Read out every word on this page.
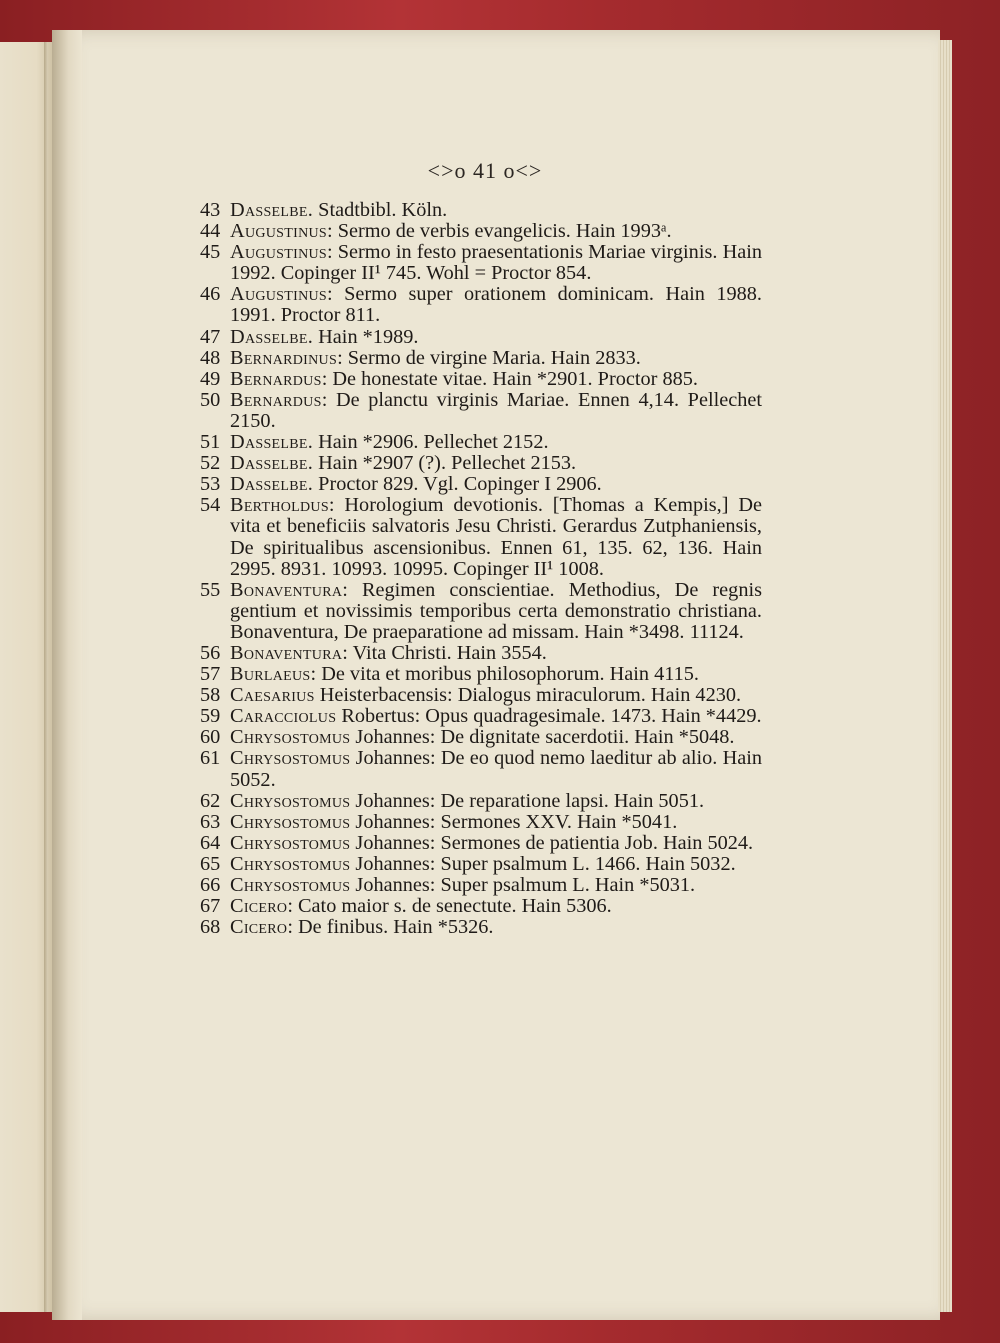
<>o 41 o<>
43 Dasselbe. Stadtbibl. Köln.
44 Augustinus: Sermo de verbis evangelicis. Hain 1993ᵃ.
45 Augustinus: Sermo in festo praesentationis Mariae virginis. Hain 1992. Copinger II¹ 745. Wohl = Proctor 854.
46 Augustinus: Sermo super orationem dominicam. Hain 1988. 1991. Proctor 811.
47 Dasselbe. Hain *1989.
48 Bernardinus: Sermo de virgine Maria. Hain 2833.
49 Bernardus: De honestate vitae. Hain *2901. Proctor 885.
50 Bernardus: De planctu virginis Mariae. Ennen 4,14. Pellechet 2150.
51 Dasselbe. Hain *2906. Pellechet 2152.
52 Dasselbe. Hain *2907 (?). Pellechet 2153.
53 Dasselbe. Proctor 829. Vgl. Copinger I 2906.
54 Bertholdus: Horologium devotionis. [Thomas a Kempis,] De vita et beneficiis salvatoris Jesu Christi. Gerardus Zutphaniensis, De spiritualibus ascensionibus. Ennen 61, 135. 62, 136. Hain 2995. 8931. 10993. 10995. Copinger II¹ 1008.
55 Bonaventura: Regimen conscientiae. Methodius, De regnis gentium et novissimis temporibus certa demonstratio christiana. Bonaventura, De praeparatione ad missam. Hain *3498. 11124.
56 Bonaventura: Vita Christi. Hain 3554.
57 Burlaeus: De vita et moribus philosophorum. Hain 4115.
58 Caesarius Heisterbacensis: Dialogus miraculorum. Hain 4230.
59 Caracciolus Robertus: Opus quadragesimale. 1473. Hain *4429.
60 Chrysostomus Johannes: De dignitate sacerdotii. Hain *5048.
61 Chrysostomus Johannes: De eo quod nemo laeditur ab alio. Hain 5052.
62 Chrysostomus Johannes: De reparatione lapsi. Hain 5051.
63 Chrysostomus Johannes: Sermones XXV. Hain *5041.
64 Chrysostomus Johannes: Sermones de patientia Job. Hain 5024.
65 Chrysostomus Johannes: Super psalmum L. 1466. Hain 5032.
66 Chrysostomus Johannes: Super psalmum L. Hain *5031.
67 Cicero: Cato maior s. de senectute. Hain 5306.
68 Cicero: De finibus. Hain *5326.
